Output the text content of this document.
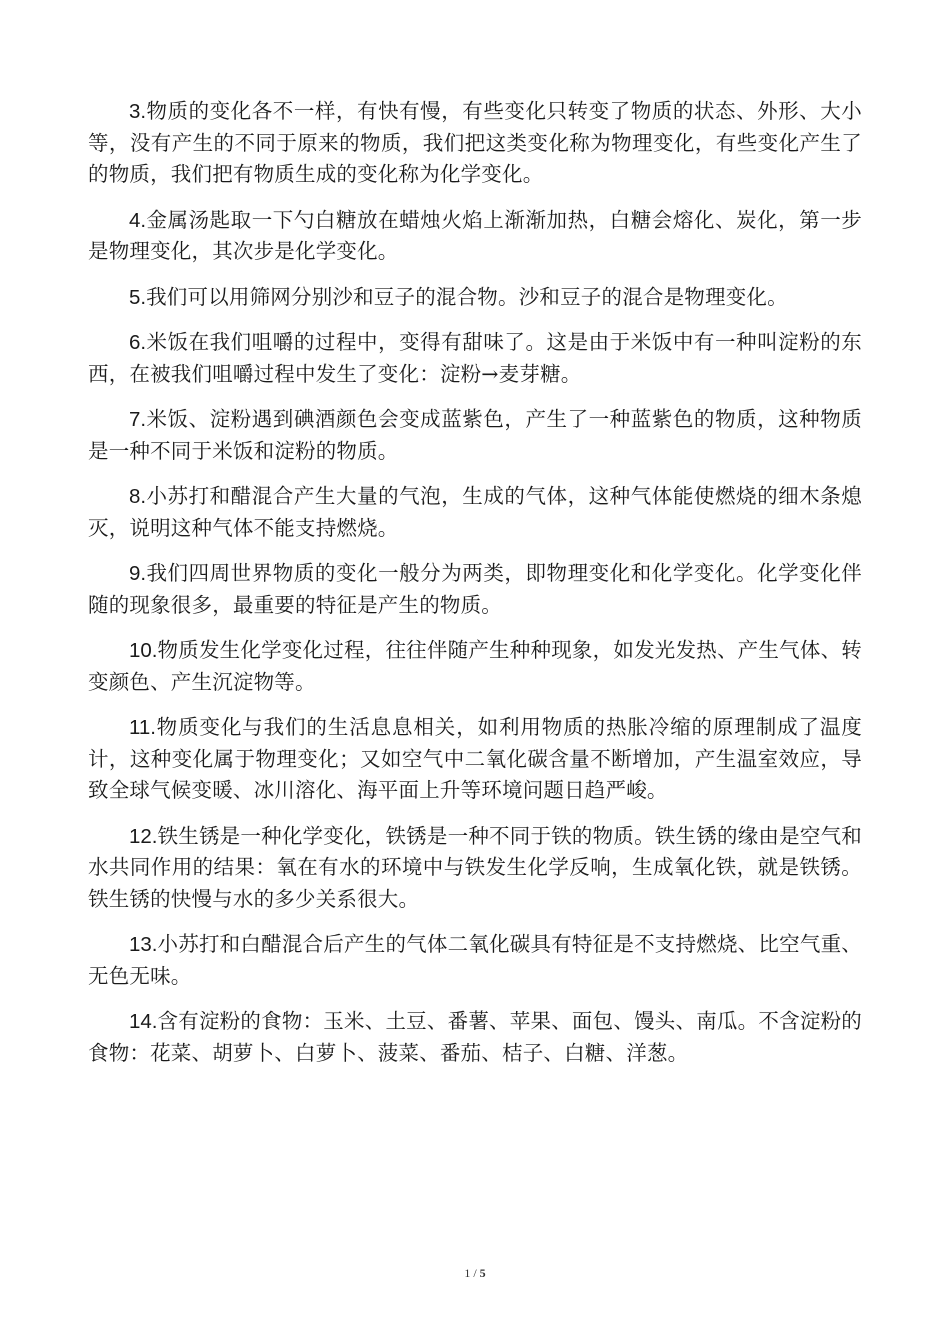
3.物质的变化各不一样，有快有慢，有些变化只转变了物质的状态、外形、大小等，没有产生的不同于原来的物质，我们把这类变化称为物理变化，有些变化产生了的物质，我们把有物质生成的变化称为化学变化。

4.金属汤匙取一下勺白糖放在蜡烛火焰上渐渐加热，白糖会熔化、炭化，第一步是物理变化，其次步是化学变化。

5.我们可以用筛网分别沙和豆子的混合物。沙和豆子的混合是物理变化。

6.米饭在我们咀嚼的过程中，变得有甜味了。这是由于米饭中有一种叫淀粉的东西，在被我们咀嚼过程中发生了变化：淀粉→麦芽糖。

7.米饭、淀粉遇到碘酒颜色会变成蓝紫色，产生了一种蓝紫色的物质，这种物质是一种不同于米饭和淀粉的物质。

8.小苏打和醋混合产生大量的气泡，生成的气体，这种气体能使燃烧的细木条熄灭，说明这种气体不能支持燃烧。

9.我们四周世界物质的变化一般分为两类，即物理变化和化学变化。化学变化伴随的现象很多，最重要的特征是产生的物质。

10.物质发生化学变化过程，往往伴随产生种种现象，如发光发热、产生气体、转变颜色、产生沉淀物等。

11.物质变化与我们的生活息息相关，如利用物质的热胀冷缩的原理制成了温度计，这种变化属于物理变化；又如空气中二氧化碳含量不断增加，产生温室效应，导致全球气候变暖、冰川溶化、海平面上升等环境问题日趋严峻。

12.铁生锈是一种化学变化，铁锈是一种不同于铁的物质。铁生锈的缘由是空气和水共同作用的结果：氧在有水的环境中与铁发生化学反响，生成氧化铁，就是铁锈。铁生锈的快慢与水的多少关系很大。

13.小苏打和白醋混合后产生的气体二氧化碳具有特征是不支持燃烧、比空气重、无色无味。

14.含有淀粉的食物：玉米、土豆、番薯、苹果、面包、馒头、南瓜。不含淀粉的食物：花菜、胡萝卜、白萝卜、菠菜、番茄、桔子、白糖、洋葱。

1 / 5
